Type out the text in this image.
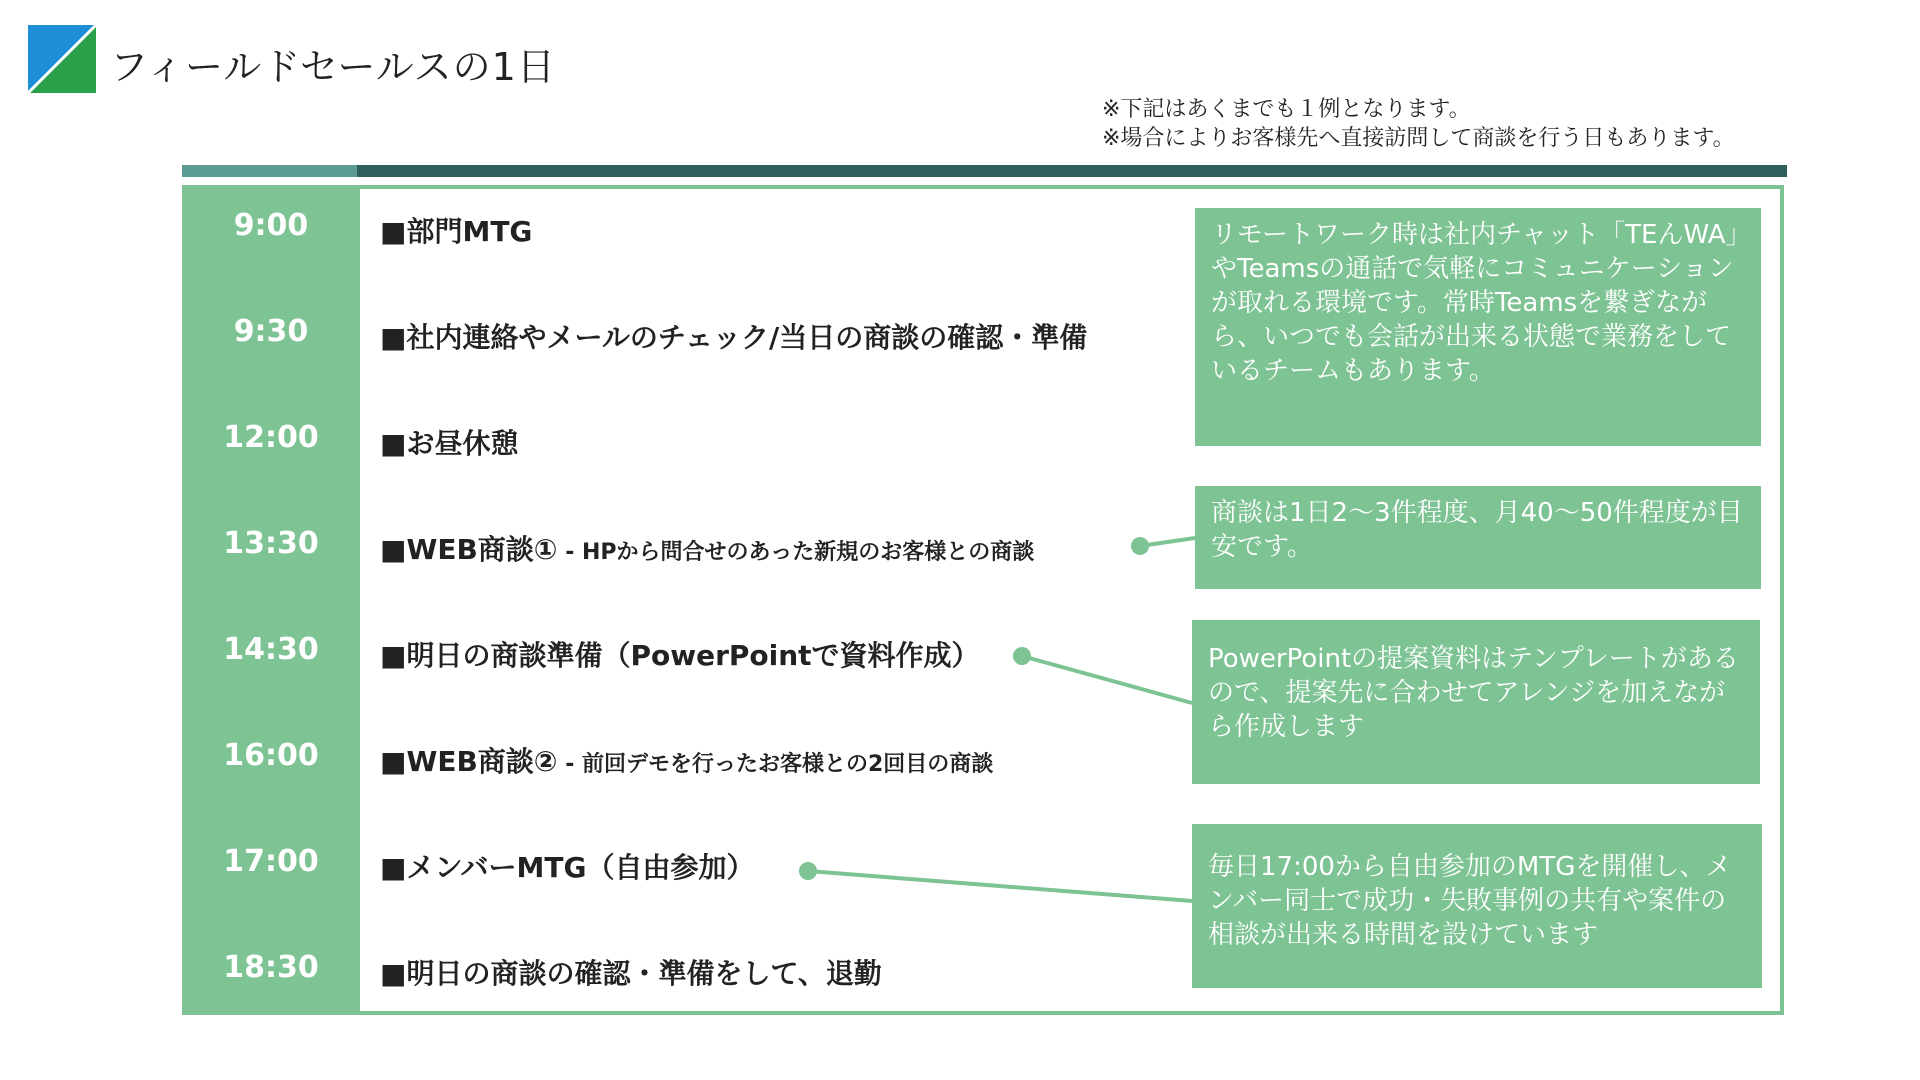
フィールドセールスの1日
※下記はあくまでも１例となります。
※場合によりお客様先へ直接訪問して商談を行う日もあります。
9:00
9:30
12:00
13:30
14:30
16:00
17:00
18:30
■部門MTG
■社内連絡やメールのチェック/当日の商談の確認・準備
■お昼休憩
■WEB商談① - HPから問合せのあった新規のお客様との商談
■明日の商談準備（PowerPointで資料作成）
■WEB商談② - 前回デモを行ったお客様との2回目の商談
■メンバーMTG（自由参加）
■明日の商談の確認・準備をして、退勤
リモートワーク時は社内チャット「TEんWA」やTeamsの通話で気軽にコミュニケーションが取れる環境です。常時Teamsを繋ぎながら、いつでも会話が出来る状態で業務をしているチームもあります。
商談は1日2〜3件程度、月40〜50件程度が目安です。
PowerPointの提案資料はテンプレートがあるので、提案先に合わせてアレンジを加えながら作成します
毎日17:00から自由参加のMTGを開催し、メンバー同士で成功・失敗事例の共有や案件の相談が出来る時間を設けています
